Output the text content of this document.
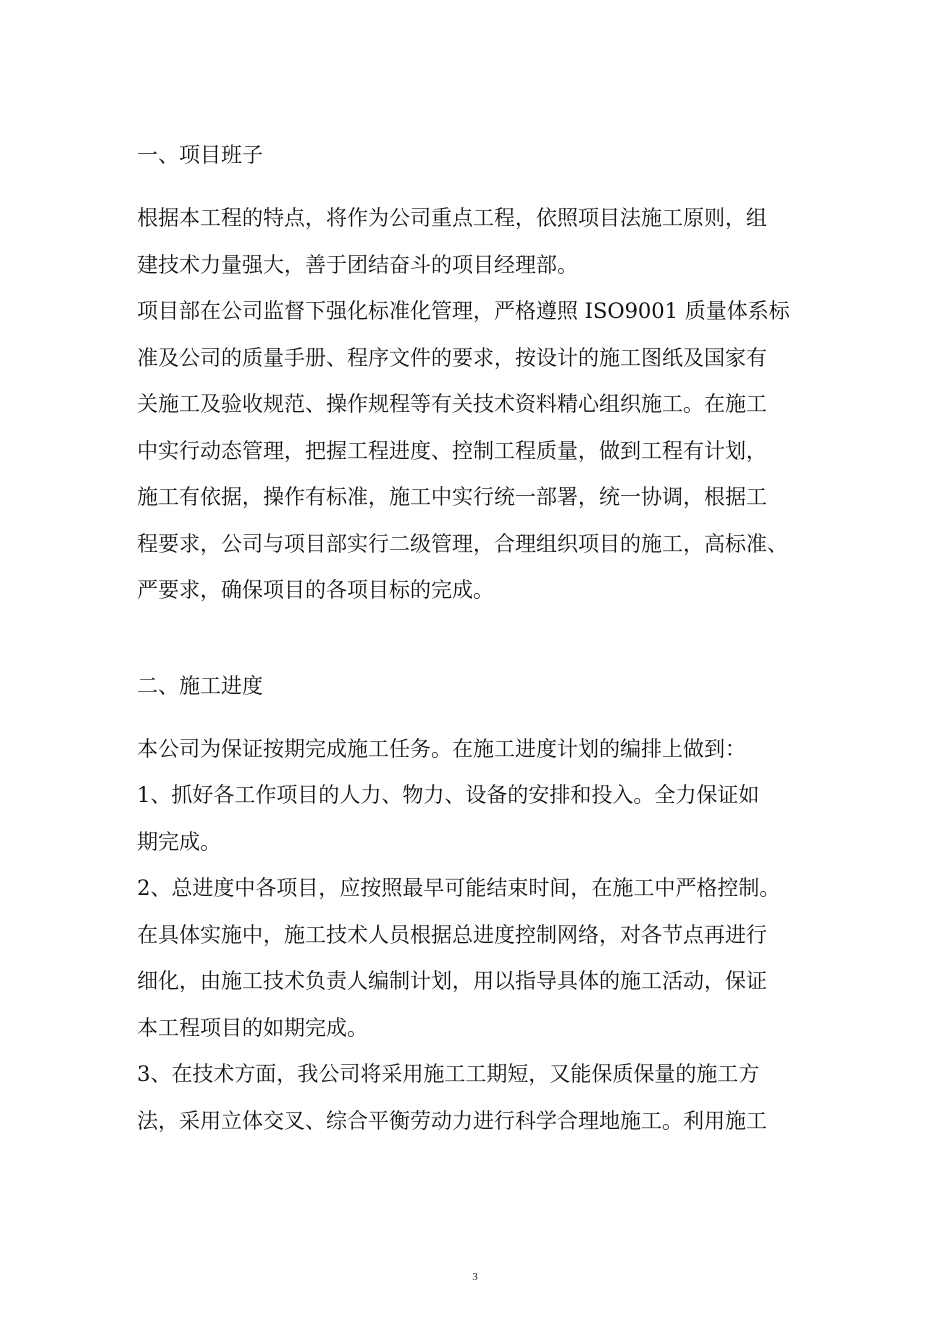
一、项目班子

根据本工程的特点，将作为公司重点工程，依照项目法施工原则，组
建技术力量强大，善于团结奋斗的项目经理部。

项目部在公司监督下强化标准化管理，严格遵照 ISO9001 质量体系标
准及公司的质量手册、程序文件的要求，按设计的施工图纸及国家有
关施工及验收规范、操作规程等有关技术资料精心组织施工。在施工
中实行动态管理，把握工程进度、控制工程质量，做到工程有计划，
施工有依据，操作有标准，施工中实行统一部署，统一协调，根据工
程要求，公司与项目部实行二级管理，合理组织项目的施工，高标准、
严要求，确保项目的各项目标的完成。

二、施工进度

本公司为保证按期完成施工任务。在施工进度计划的编排上做到：

1、抓好各工作项目的人力、物力、设备的安排和投入。全力保证如
期完成。

2、总进度中各项目，应按照最早可能结束时间，在施工中严格控制。
在具体实施中，施工技术人员根据总进度控制网络，对各节点再进行
细化，由施工技术负责人编制计划，用以指导具体的施工活动，保证
本工程项目的如期完成。

3、在技术方面，我公司将采用施工工期短，又能保质保量的施工方
法，采用立体交叉、综合平衡劳动力进行科学合理地施工。利用施工

3
